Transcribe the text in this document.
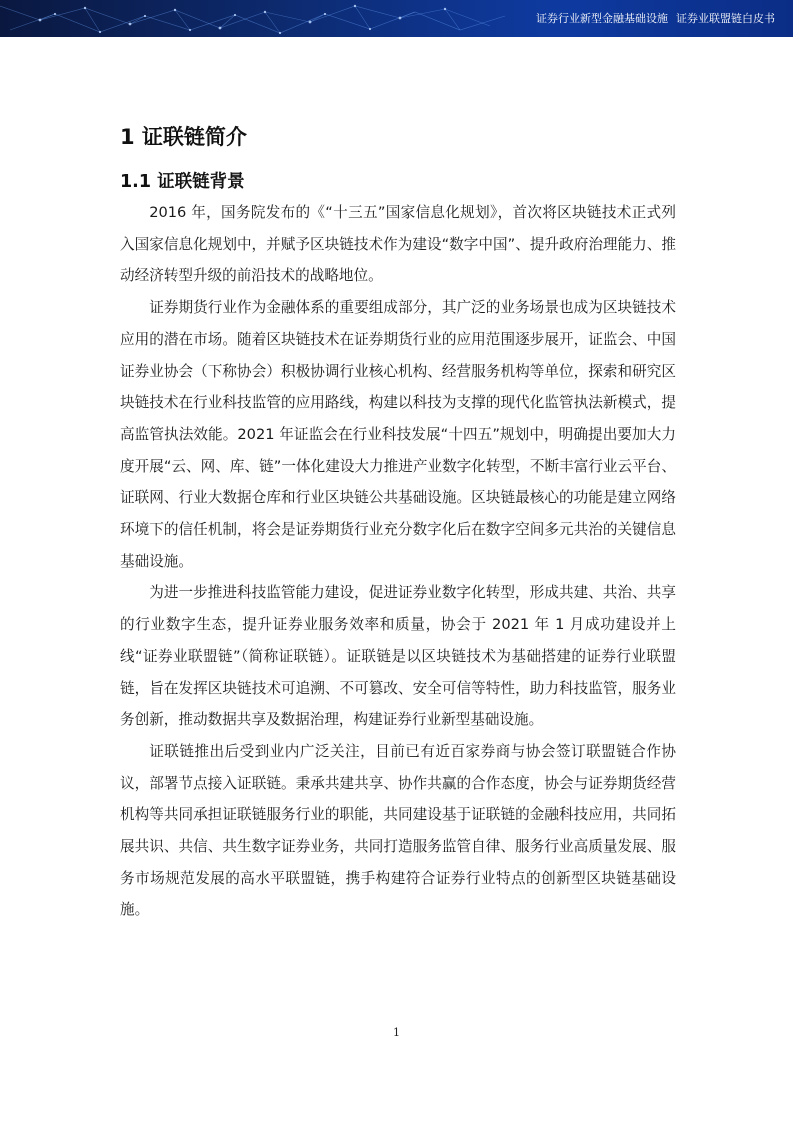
证券行业新型金融基础设施 证券业联盟链白皮书
1 证联链简介
1.1 证联链背景

2016 年，国务院发布的《“十三五”国家信息化规划》，首次将区块链技术正式列入国家信息化规划中，并赋予区块链技术作为建设“数字中国”、提升政府治理能力、推动经济转型升级的前沿技术的战略地位。

证券期货行业作为金融体系的重要组成部分，其广泛的业务场景也成为区块链技术应用的潜在市场。随着区块链技术在证券期货行业的应用范围逐步展开，证监会、中国证券业协会（下称协会）积极协调行业核心机构、经营服务机构等单位，探索和研究区块链技术在行业科技监管的应用路线，构建以科技为支撑的现代化监管执法新模式，提高监管执法效能。2021 年证监会在行业科技发展“十四五”规划中，明确提出要加大力度开展“云、网、库、链”一体化建设大力推进产业数字化转型，不断丰富行业云平台、证联网、行业大数据仓库和行业区块链公共基础设施。区块链最核心的功能是建立网络环境下的信任机制，将会是证券期货行业充分数字化后在数字空间多元共治的关键信息基础设施。

为进一步推进科技监管能力建设，促进证券业数字化转型，形成共建、共治、共享的行业数字生态，提升证券业服务效率和质量，协会于 2021 年 1 月成功建设并上线“证券业联盟链”（简称证联链）。证联链是以区块链技术为基础搭建的证券行业联盟链，旨在发挥区块链技术可追溯、不可篡改、安全可信等特性，助力科技监管，服务业务创新，推动数据共享及数据治理，构建证券行业新型基础设施。

证联链推出后受到业内广泛关注，目前已有近百家券商与协会签订联盟链合作协议，部署节点接入证联链。秉承共建共享、协作共赢的合作态度，协会与证券期货经营机构等共同承担证联链服务行业的职能，共同建设基于证联链的金融科技应用，共同拓展共识、共信、共生数字证券业务，共同打造服务监管自律、服务行业高质量发展、服务市场规范发展的高水平联盟链，携手构建符合证券行业特点的创新型区块链基础设施。

1
